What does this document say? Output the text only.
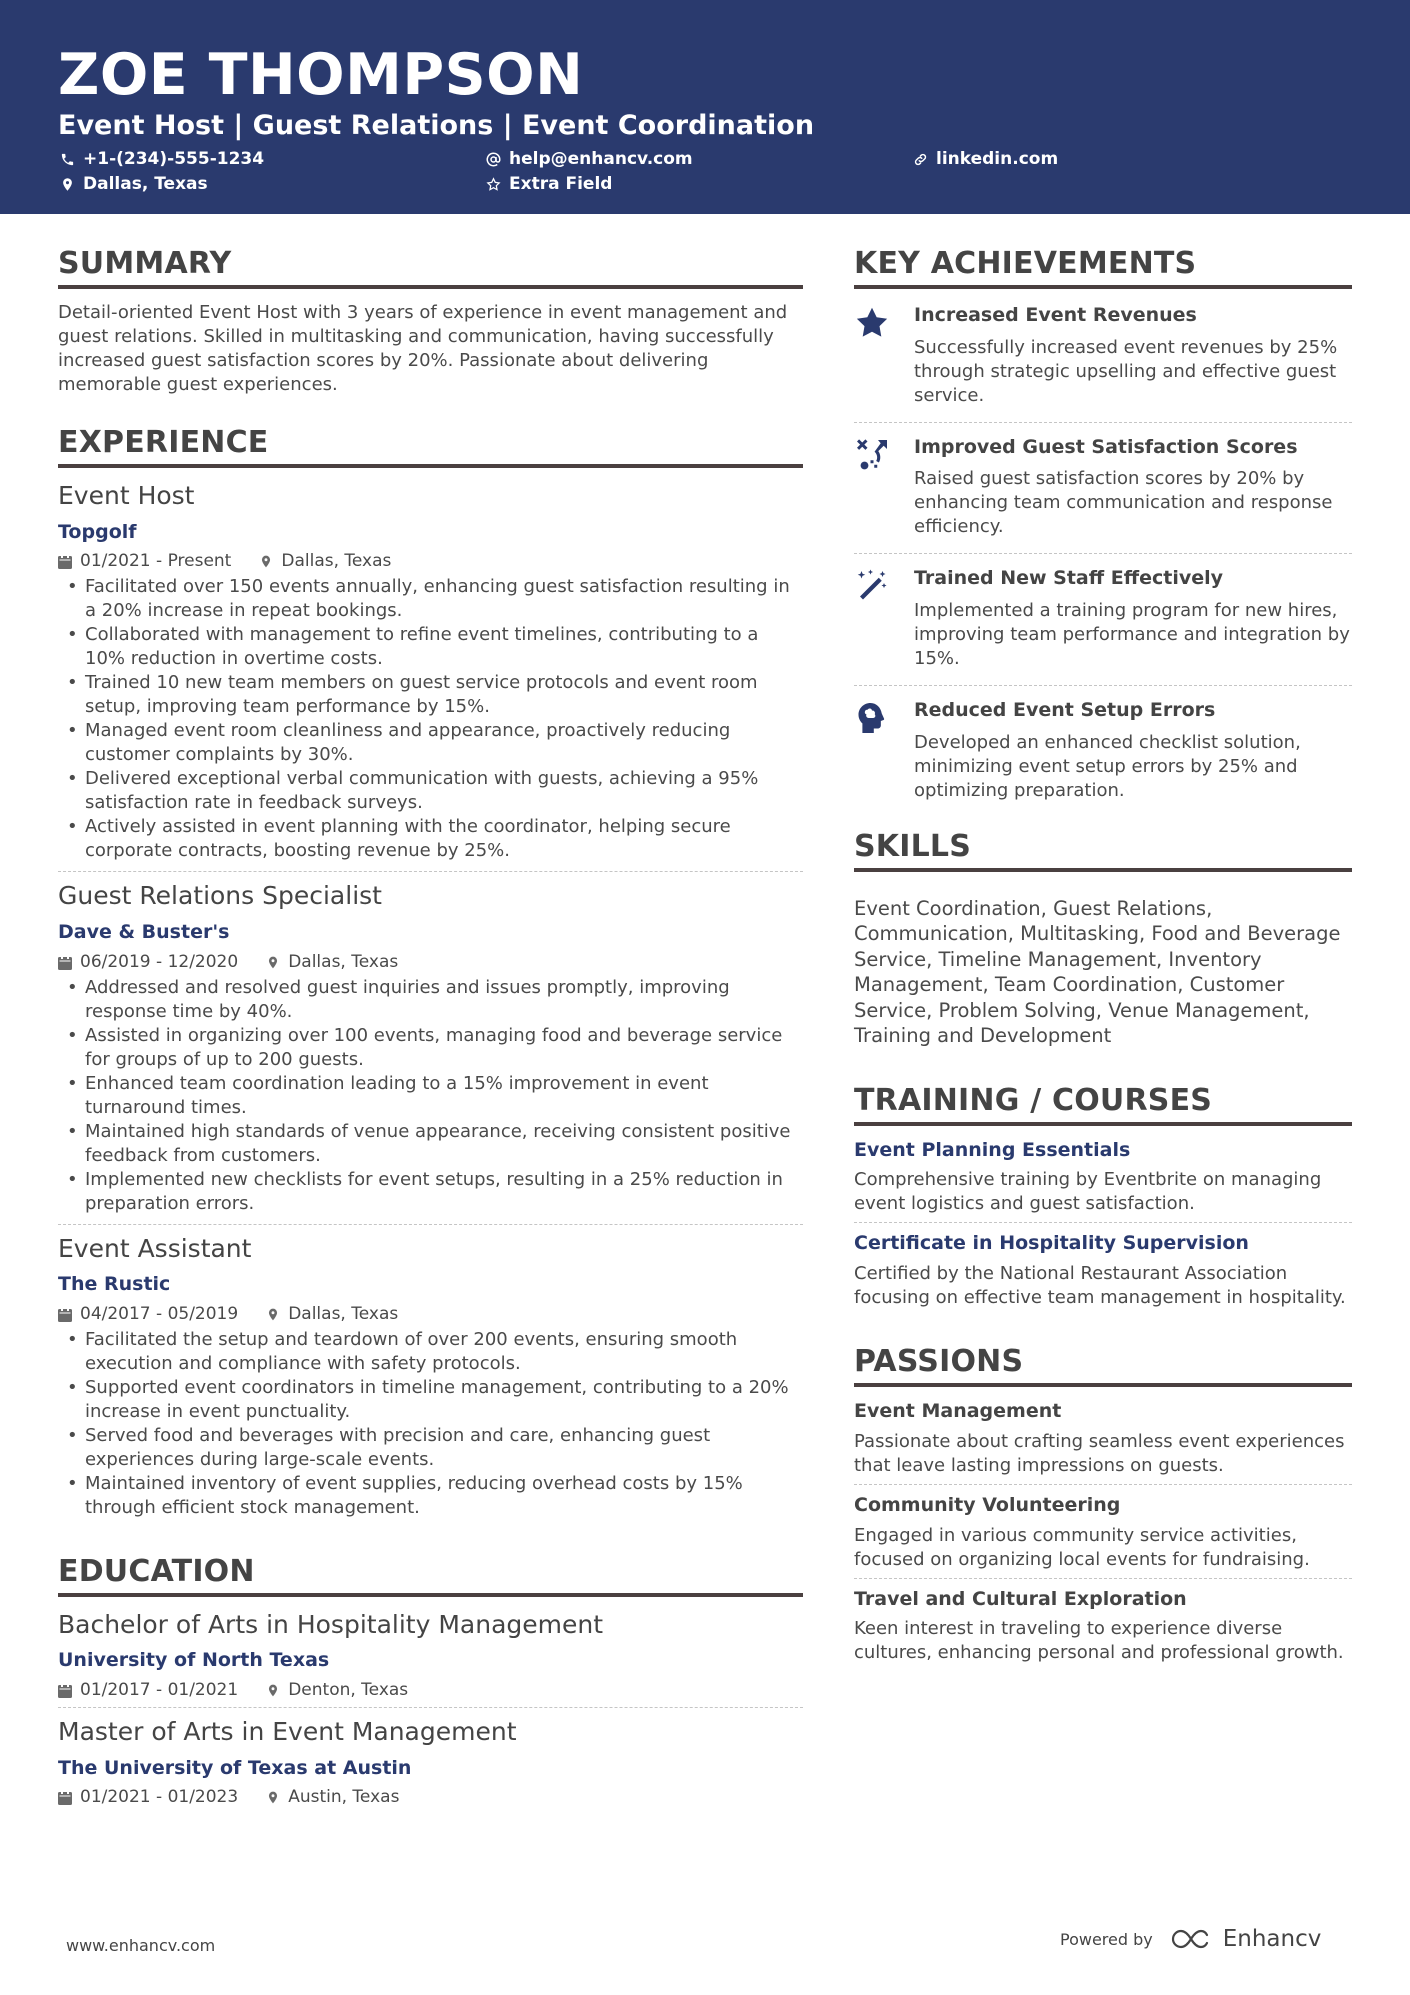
ZOE THOMPSON
Event Host | Guest Relations | Event Coordination
+1-(234)-555-1234	help@enhancv.com	linkedin.com
Dallas, Texas	Extra Field
SUMMARY
Detail-oriented Event Host with 3 years of experience in event management and guest relations. Skilled in multitasking and communication, having successfully increased guest satisfaction scores by 20%. Passionate about delivering memorable guest experiences.
EXPERIENCE
Event Host
Topgolf
01/2021 - Present	Dallas, Texas
• Facilitated over 150 events annually, enhancing guest satisfaction resulting in a 20% increase in repeat bookings.
• Collaborated with management to refine event timelines, contributing to a 10% reduction in overtime costs.
• Trained 10 new team members on guest service protocols and event room setup, improving team performance by 15%.
• Managed event room cleanliness and appearance, proactively reducing customer complaints by 30%.
• Delivered exceptional verbal communication with guests, achieving a 95% satisfaction rate in feedback surveys.
• Actively assisted in event planning with the coordinator, helping secure corporate contracts, boosting revenue by 25%.
Guest Relations Specialist
Dave & Buster's
06/2019 - 12/2020	Dallas, Texas
• Addressed and resolved guest inquiries and issues promptly, improving response time by 40%.
• Assisted in organizing over 100 events, managing food and beverage service for groups of up to 200 guests.
• Enhanced team coordination leading to a 15% improvement in event turnaround times.
• Maintained high standards of venue appearance, receiving consistent positive feedback from customers.
• Implemented new checklists for event setups, resulting in a 25% reduction in preparation errors.
Event Assistant
The Rustic
04/2017 - 05/2019	Dallas, Texas
• Facilitated the setup and teardown of over 200 events, ensuring smooth execution and compliance with safety protocols.
• Supported event coordinators in timeline management, contributing to a 20% increase in event punctuality.
• Served food and beverages with precision and care, enhancing guest experiences during large-scale events.
• Maintained inventory of event supplies, reducing overhead costs by 15% through efficient stock management.
EDUCATION
Bachelor of Arts in Hospitality Management
University of North Texas
01/2017 - 01/2021	Denton, Texas
Master of Arts in Event Management
The University of Texas at Austin
01/2021 - 01/2023	Austin, Texas
KEY ACHIEVEMENTS
Increased Event Revenues
Successfully increased event revenues by 25% through strategic upselling and effective guest service.
Improved Guest Satisfaction Scores
Raised guest satisfaction scores by 20% by enhancing team communication and response efficiency.
Trained New Staff Effectively
Implemented a training program for new hires, improving team performance and integration by 15%.
Reduced Event Setup Errors
Developed an enhanced checklist solution, minimizing event setup errors by 25% and optimizing preparation.
SKILLS
Event Coordination, Guest Relations, Communication, Multitasking, Food and Beverage Service, Timeline Management, Inventory Management, Team Coordination, Customer Service, Problem Solving, Venue Management, Training and Development
TRAINING / COURSES
Event Planning Essentials
Comprehensive training by Eventbrite on managing event logistics and guest satisfaction.
Certificate in Hospitality Supervision
Certified by the National Restaurant Association focusing on effective team management in hospitality.
PASSIONS
Event Management
Passionate about crafting seamless event experiences that leave lasting impressions on guests.
Community Volunteering
Engaged in various community service activities, focused on organizing local events for fundraising.
Travel and Cultural Exploration
Keen interest in traveling to experience diverse cultures, enhancing personal and professional growth.
www.enhancv.com	Powered by	Enhancv
